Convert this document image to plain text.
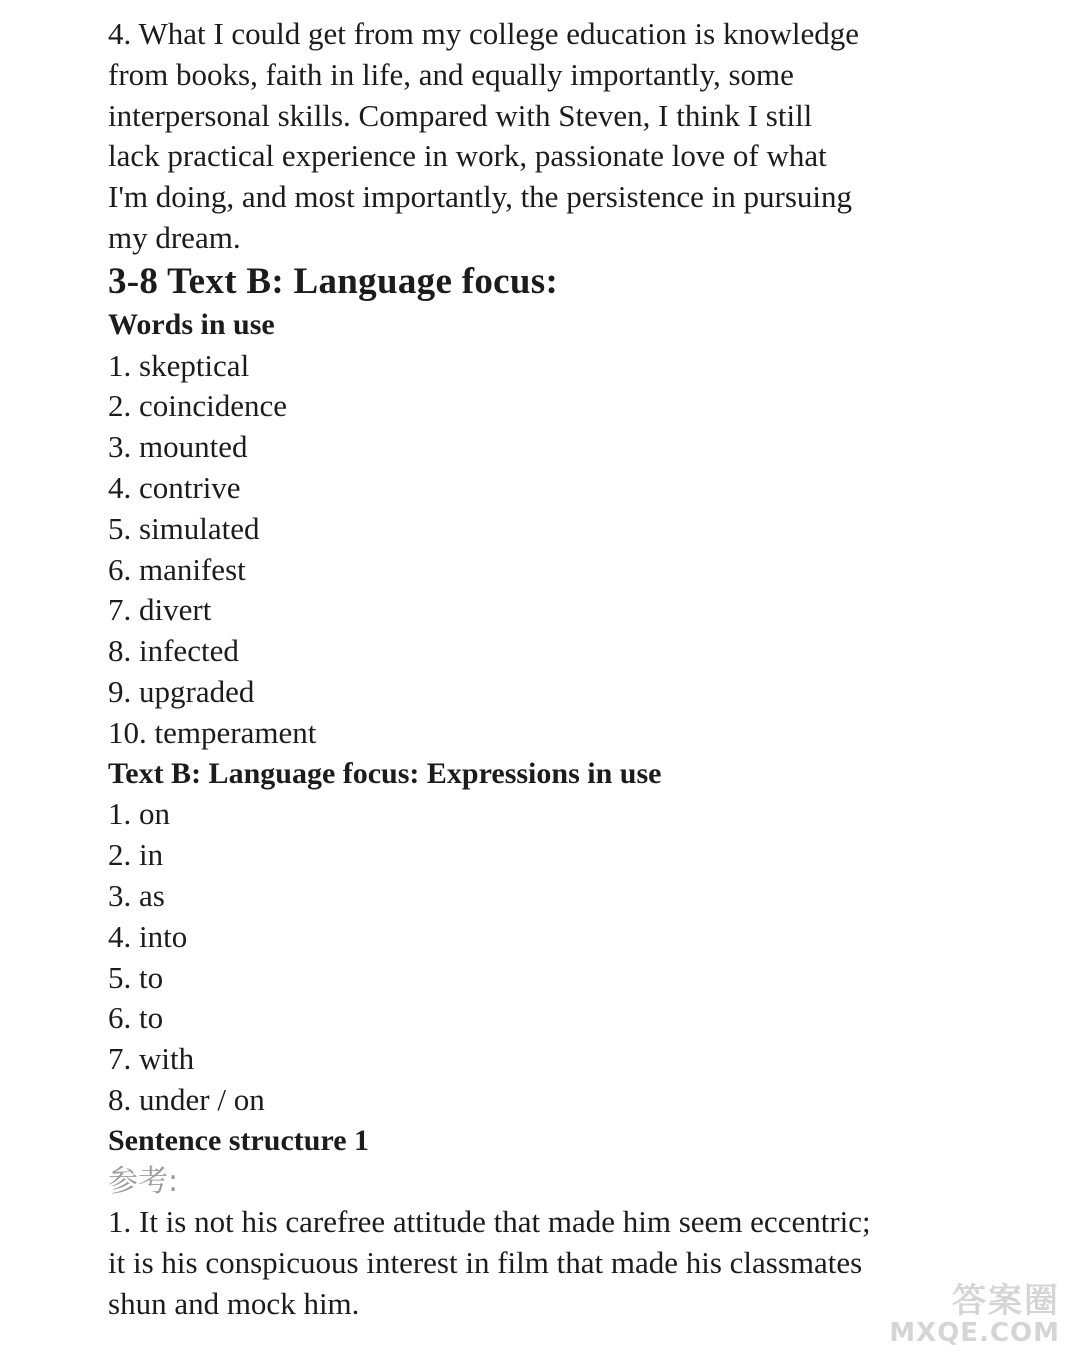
4. What I could get from my college education is knowledge

from books, faith in life, and equally importantly, some

interpersonal skills. Compared with Steven, I think I still

lack practical experience in work, passionate love of what

I'm doing, and most importantly, the persistence in pursuing

my dream.

3-8 Text B: Language focus:
Words in use

1. skeptical

2. coincidence

3. mounted

4. contrive

5. simulated

6. manifest

7. divert

8. infected

9. upgraded

10. temperament

Text B: Language focus: Expressions in use

1. on

2. in

3. as

4. into

5. to

6. to

7. with

8. under / on

Sentence structure 1

参考:

1. It is not his carefree attitude that made him seem eccentric;

it is his conspicuous interest in film that made his classmates

shun and mock him.	答案圈
MXQE.COM
